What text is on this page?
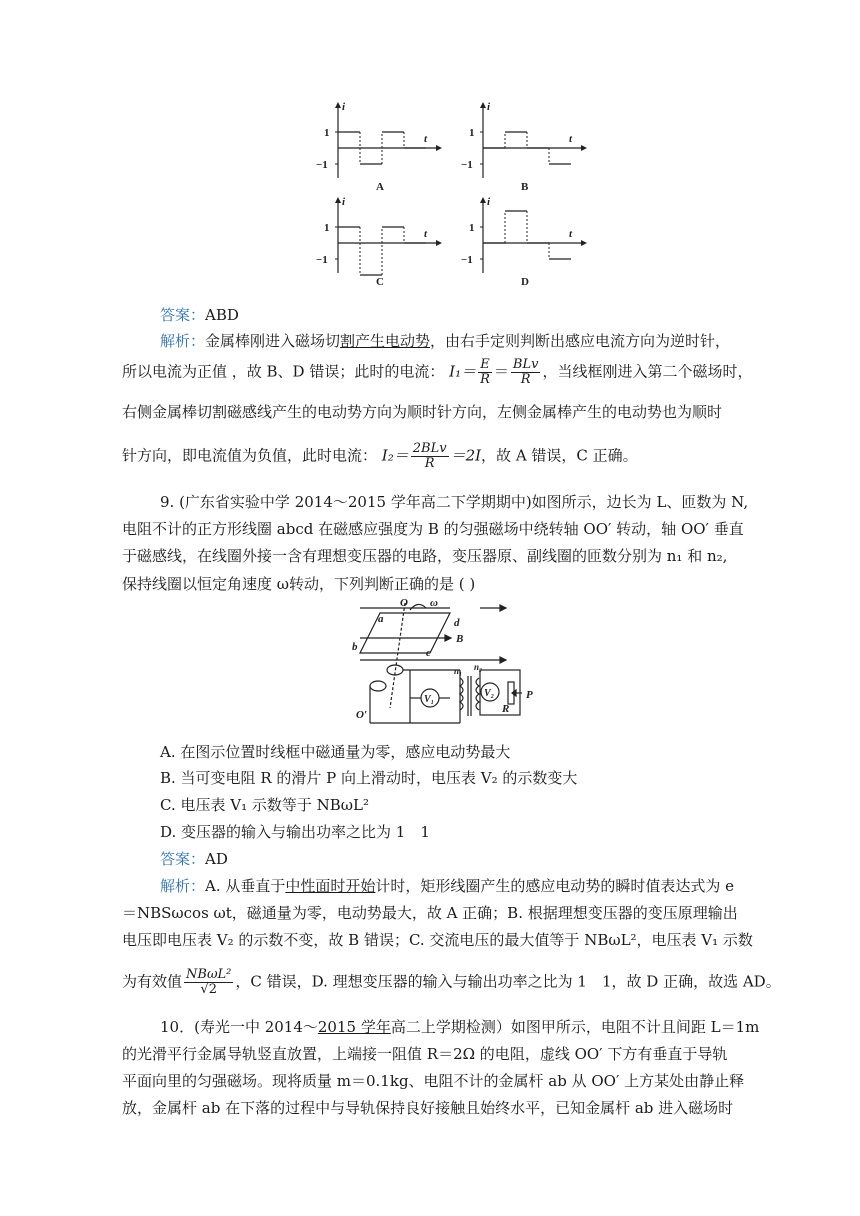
i
t
1
−1
A
i
t
1
−1
B
i
t
1
−1
C
i
t
1
−1
D
答案：ABD
解析：金属棒刚进入磁场切割产生电动势，由右手定则判断出感应电流方向为逆时针，
所以电流为正值 ，故 B、D 错误；此时的电流： $I_1= \frac{E}{R} = \frac{\text{BLv}}{R}$ ，当线框刚进入第二个磁场时，
右侧金属棒切割磁感线产生的电动势方向为顺时针方向，左侧金属棒产生的电动势也为顺时
针方向，即电流值为负值，此时电流： $I_2= \frac{\text{2BLv}}{R} =2I$，故 A 错误，C 正确。
9. (广东省实验中学 2014～2015 学年高二下学期期中)如图所示，边长为 L、匝数为 N,
电阻不计的正方形线圈 abcd 在磁感应强度为 B 的匀强磁场中绕转轴 OO′ 转动，轴 OO′ 垂直
于磁感线，在线圈外接一含有理想变压器的电路，变压器原、副线圈的匝数分别为 n₁ 和 n₂,
保持线圈以恒定角速度 ω转动，下列判断正确的是 ( )
O ω
a	d
B
b	c
n₁ n₂
V₁
V₂
R
P
O′
A. 在图示位置时线框中磁通量为零，感应电动势最大
B. 当可变电阻 R 的滑片 P 向上滑动时，电压表 V₂ 的示数变大
C. 电压表 V₁ 示数等于 NBωL²
D. 变压器的输入与输出功率之比为 1　1
答案：AD
解析：A. 从垂直于中性面时开始计时，矩形线圈产生的感应电动势的瞬时值表达式为 e
＝NBSωcos ωt，磁通量为零，电动势最大，故 A 正确；B. 根据理想变压器的变压原理输出
电压即电压表 V₂ 的示数不变，故 B 错误；C. 交流电压的最大值等于 NBωL²，电压表 V₁ 示数
为有效值 $\frac{\text{NBωL²}}{√2}$ ，C 错误，D. 理想变压器的输入与输出功率之比为 1　1，故 D 正确，故选 AD。
10．(寿光一中 2014～2015 学年高二上学期检测）如图甲所示，电阻不计且间距 L＝1m
的光滑平行金属导轨竖直放置，上端接一阻值 R＝2Ω 的电阻，虚线 OO′ 下方有垂直于导轨
平面向里的匀强磁场。现将质量 m＝0.1kg、电阻不计的金属杆 ab 从 OO′ 上方某处由静止释
放，金属杆 ab 在下落的过程中与导轨保持良好接触且始终水平，已知金属杆 ab 进入磁场时
